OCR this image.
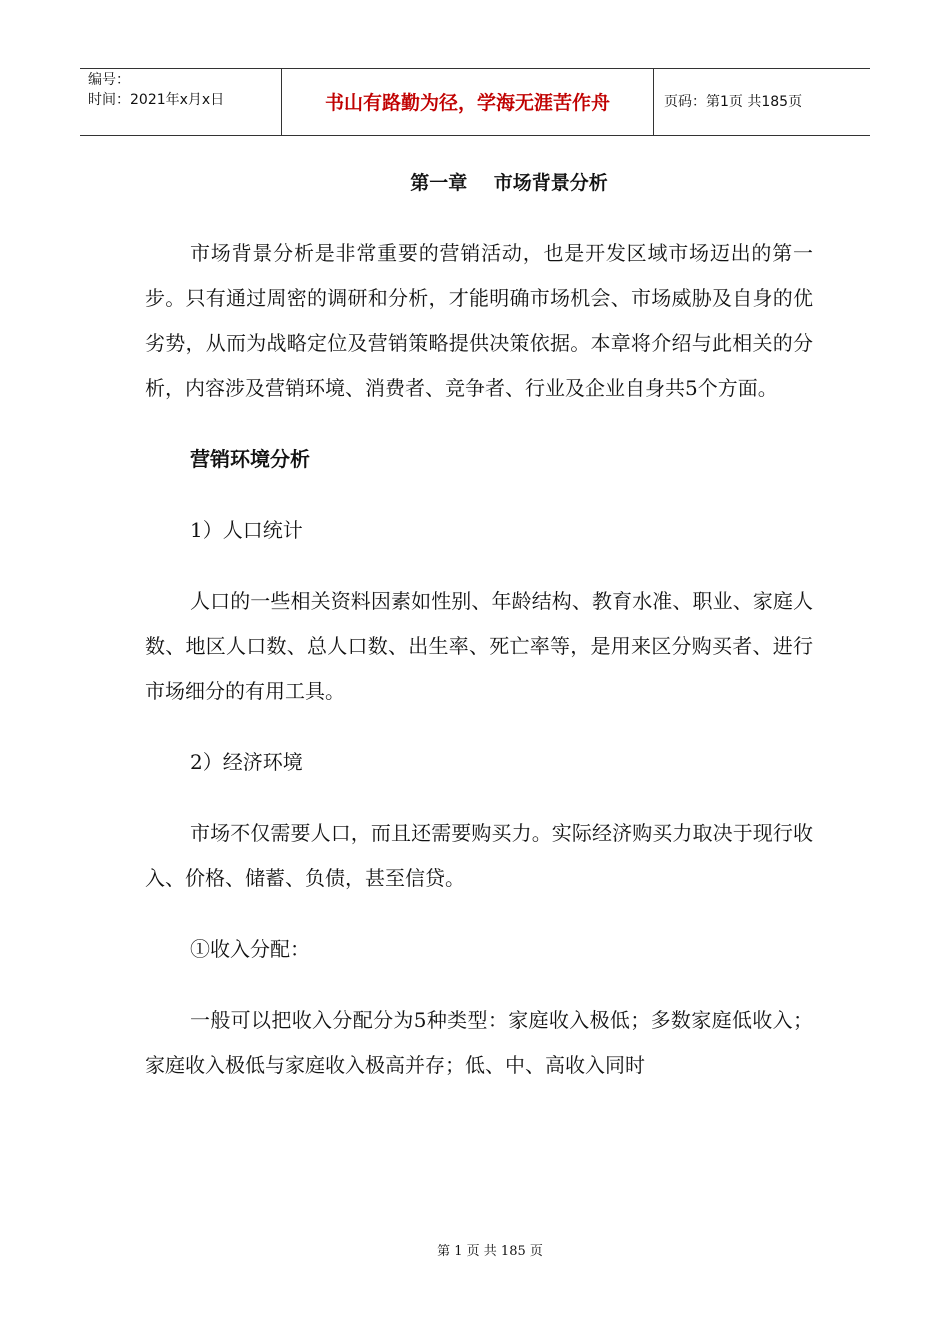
编号：
时间：2021年x月x日	书山有路勤为径，学海无涯苦作舟	页码：第1页 共185页

第一章    市场背景分析

市场背景分析是非常重要的营销活动，也是开发区域市场迈出的第一步。只有通过周密的调研和分析，才能明确市场机会、市场威胁及自身的优劣势，从而为战略定位及营销策略提供决策依据。本章将介绍与此相关的分析，内容涉及营销环境、消费者、竞争者、行业及企业自身共5个方面。

营销环境分析

1）人口统计

人口的一些相关资料因素如性别、年龄结构、教育水准、职业、家庭人数、地区人口数、总人口数、出生率、死亡率等，是用来区分购买者、进行市场细分的有用工具。

2）经济环境

市场不仅需要人口，而且还需要购买力。实际经济购买力取决于现行收入、价格、储蓄、负债，甚至信贷。

①收入分配：

一般可以把收入分配分为5种类型：家庭收入极低；多数家庭低收入；家庭收入极低与家庭收入极高并存；低、中、高收入同时

第 1 页 共 185 页
